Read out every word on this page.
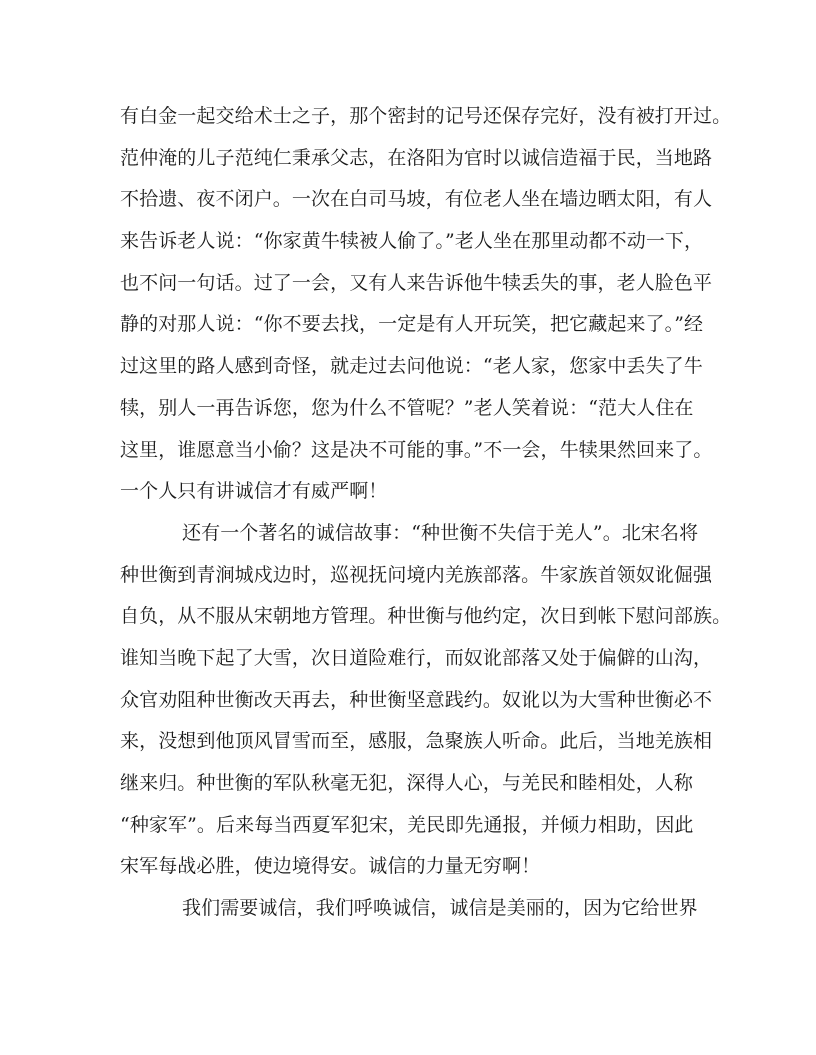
有白金一起交给术士之子，那个密封的记号还保存完好，没有被打开过。
范仲淹的儿子范纯仁秉承父志，在洛阳为官时以诚信造福于民，当地路
不拾遗、夜不闭户。一次在白司马坡，有位老人坐在墙边晒太阳，有人
来告诉老人说：“你家黄牛犊被人偷了。”老人坐在那里动都不动一下，
也不问一句话。过了一会，又有人来告诉他牛犊丢失的事，老人脸色平
静的对那人说：“你不要去找，一定是有人开玩笑，把它藏起来了。”经
过这里的路人感到奇怪，就走过去问他说：“老人家，您家中丢失了牛
犊，别人一再告诉您，您为什么不管呢？”老人笑着说：“范大人住在
这里，谁愿意当小偷？这是决不可能的事。”不一会，牛犊果然回来了。
一个人只有讲诚信才有威严啊！
还有一个著名的诚信故事：“种世衡不失信于羌人”。北宋名将
种世衡到青涧城戍边时，巡视抚问境内羌族部落。牛家族首领奴讹倔强
自负，从不服从宋朝地方管理。种世衡与他约定，次日到帐下慰问部族。
谁知当晚下起了大雪，次日道险难行，而奴讹部落又处于偏僻的山沟，
众官劝阻种世衡改天再去，种世衡坚意践约。奴讹以为大雪种世衡必不
来，没想到他顶风冒雪而至，感服，急聚族人听命。此后，当地羌族相
继来归。种世衡的军队秋毫无犯，深得人心，与羌民和睦相处，人称
“种家军”。后来每当西夏军犯宋，羌民即先通报，并倾力相助，因此
宋军每战必胜，使边境得安。诚信的力量无穷啊！
我们需要诚信，我们呼唤诚信，诚信是美丽的，因为它给世界
